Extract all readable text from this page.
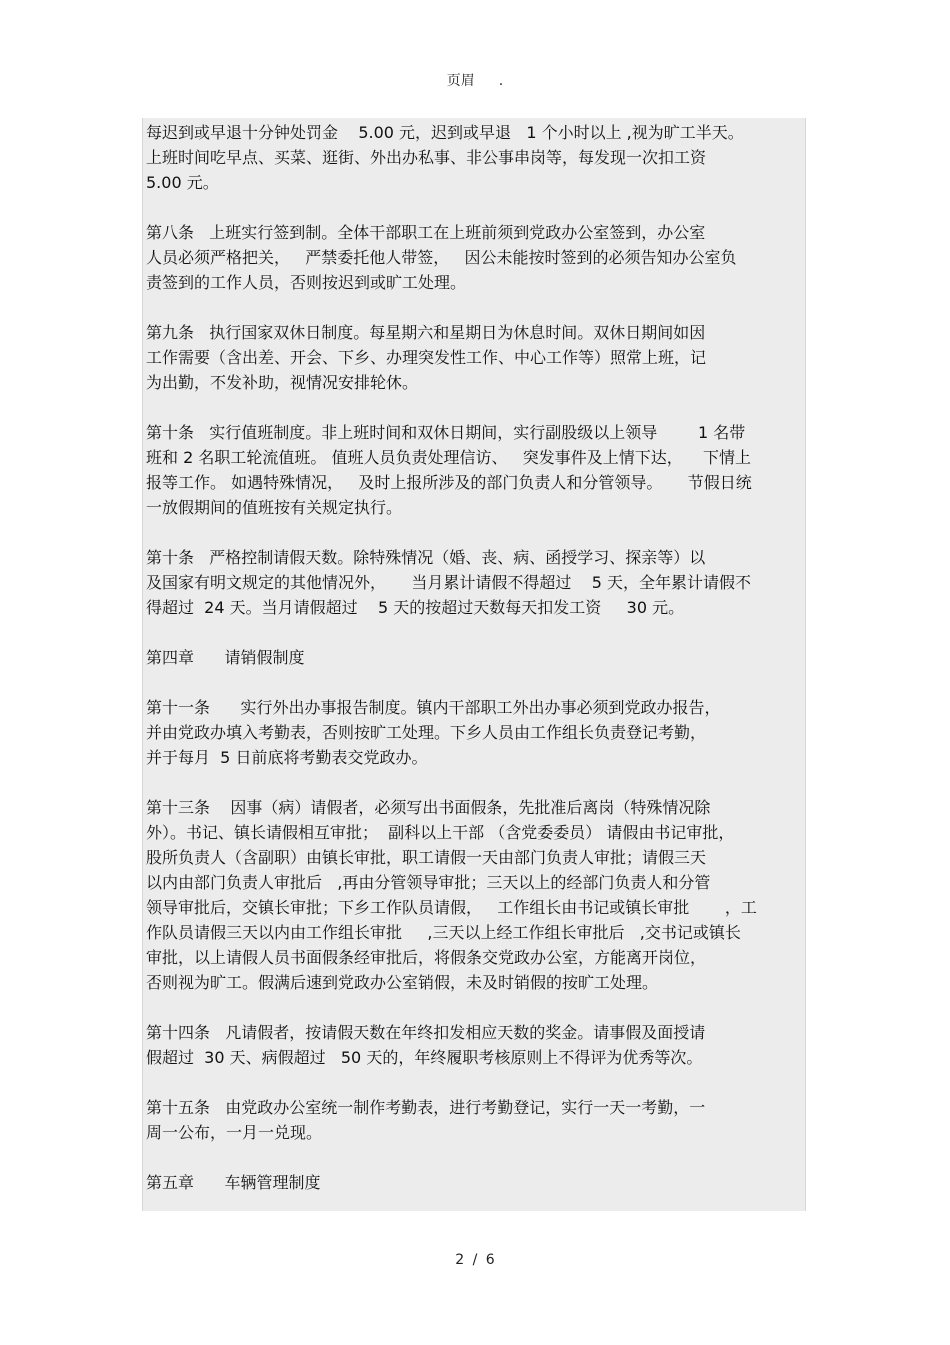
页眉 .
每迟到或早退十分钟处罚金    5.00 元，迟到或早退   1 个小时以上 ,视为旷工半天。
上班时间吃早点、买菜、逛街、外出办私事、非公事串岗等，每发现一次扣工资
5.00 元。
第八条   上班实行签到制。全体干部职工在上班前须到党政办公室签到，办公室
人员必须严格把关，   严禁委托他人带签，   因公未能按时签到的必须告知办公室负
责签到的工作人员，否则按迟到或旷工处理。
第九条   执行国家双休日制度。每星期六和星期日为休息时间。双休日期间如因
工作需要（含出差、开会、下乡、办理突发性工作、中心工作等）照常上班，记
为出勤，不发补助，视情况安排轮休。
第十条   实行值班制度。非上班时间和双休日期间，实行副股级以上领导        1 名带
班和 2 名职工轮流值班。 值班人员负责处理信访、   突发事件及上情下达，    下情上
报等工作。 如遇特殊情况，   及时上报所涉及的部门负责人和分管领导。     节假日统
一放假期间的值班按有关规定执行。
第十条   严格控制请假天数。除特殊情况（婚、丧、病、函授学习、探亲等）以
及国家有明文规定的其他情况外，     当月累计请假不得超过    5 天，全年累计请假不
得超过  24 天。当月请假超过    5 天的按超过天数每天扣发工资     30 元。
第四章      请销假制度
第十一条      实行外出办事报告制度。镇内干部职工外出办事必须到党政办报告，
并由党政办填入考勤表，否则按旷工处理。下乡人员由工作组长负责登记考勤，
并于每月  5 日前底将考勤表交党政办。
第十三条    因事（病）请假者，必须写出书面假条，先批准后离岗（特殊情况除
外）。书记、镇长请假相互审批；  副科以上干部 （含党委委员） 请假由书记审批，
股所负责人（含副职）由镇长审批，职工请假一天由部门负责人审批；请假三天
以内由部门负责人审批后   ,再由分管领导审批；三天以上的经部门负责人和分管
领导审批后，交镇长审批；下乡工作队员请假，   工作组长由书记或镇长审批       ，工
作队员请假三天以内由工作组长审批     ,三天以上经工作组长审批后   ,交书记或镇长
审批，以上请假人员书面假条经审批后，将假条交党政办公室，方能离开岗位，
否则视为旷工。假满后速到党政办公室销假，未及时销假的按旷工处理。
第十四条   凡请假者，按请假天数在年终扣发相应天数的奖金。请事假及面授请
假超过  30 天、病假超过   50 天的，年终履职考核原则上不得评为优秀等次。
第十五条   由党政办公室统一制作考勤表，进行考勤登记，实行一天一考勤，一
周一公布，一月一兑现。
第五章      车辆管理制度
2 / 6
